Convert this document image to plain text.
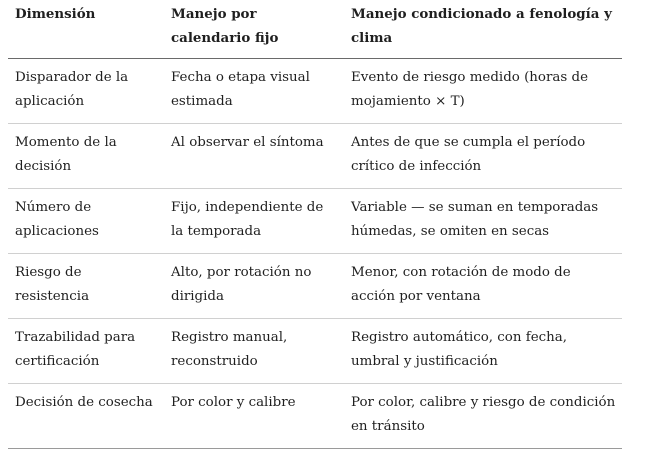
Dimensión	Manejo por calendario fijo	Manejo condicionado a fenología y clima
Disparador de la aplicación	Fecha o etapa visual estimada	Evento de riesgo medido (horas de mojamiento × T)
Momento de la decisión	Al observar el síntoma	Antes de que se cumpla el período crítico de infección
Número de aplicaciones	Fijo, independiente de la temporada	Variable — se suman en temporadas húmedas, se omiten en secas
Riesgo de resistencia	Alto, por rotación no dirigida	Menor, con rotación de modo de acción por ventana
Trazabilidad para certificación	Registro manual, reconstruido	Registro automático, con fecha, umbral y justificación
Decisión de cosecha	Por color y calibre	Por color, calibre y riesgo de condición en tránsito
